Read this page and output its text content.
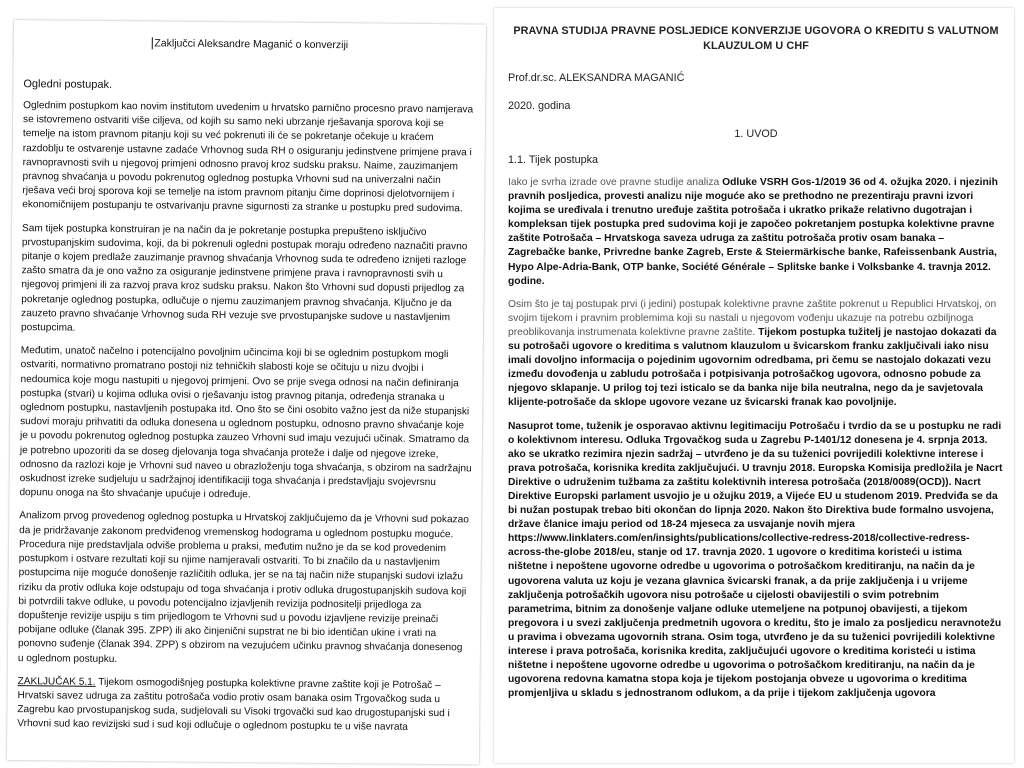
Zaključci Aleksandre Maganić o konverziji
Ogledni postupak.

Oglednim postupkom kao novim institutom uvedenim u hrvatsko parnično procesno pravo namjerava se istovremeno ostvariti više ciljeva, od kojih su samo neki ubrzanje rješavanja sporova koji se temelje na istom pravnom pitanju koji su već pokrenuti ili će se pokretanje očekuje u kraćem razdoblju te ostvarenje ustavne zadaće Vrhovnog suda RH o osiguranju jedinstvene primjene prava i ravnopravnosti svih u njegovoj primjeni odnosno pravoj kroz sudsku praksu. Naime, zauzimanjem pravnog shvaćanja u povodu pokrenutog oglednog postupka Vrhovni sud na univerzalni način rješava veći broj sporova koji se temelje na istom pravnom pitanju čime doprinosi djelotvornijem i ekonomičnijem postupanju te ostvarivanju pravne sigurnosti za stranke u postupku pred sudovima.

Sam tijek postupka konstruiran je na način da je pokretanje postupka prepušteno isključivo prvostupanjskim sudovima, koji, da bi pokrenuli ogledni postupak moraju određeno naznačiti pravno pitanje o kojem predlaže zauzimanje pravnog shvaćanja Vrhovnog suda te određeno iznijeti razloge zašto smatra da je ono važno za osiguranje jedinstvene primjene prava i ravnopravnosti svih u njegovoj primjeni ili za razvoj prava kroz sudsku praksu. Nakon što Vrhovni sud dopusti prijedlog za pokretanje oglednog postupka, odlučuje o njemu zauzimanjem pravnog shvaćanja. Ključno je da zauzeto pravno shvaćanje Vrhovnog suda RH vezuje sve prvostupanjske sudove u nastavljenim postupcima.

Međutim, unatoč načelno i potencijalno povoljnim učincima koji bi se oglednim postupkom mogli ostvariti, normativno promatrano postoji niz tehničkih slabosti koje se očituju u nizu dvojbi i nedoumica koje mogu nastupiti u njegovoj primjeni. Ovo se prije svega odnosi na način definiranja postupka (stvari) u kojima odluka ovisi o rješavanju istog pravnog pitanja, određenja stranaka u oglednom postupku, nastavljenih postupaka itd. Ono što se čini osobito važno jest da niže stupanjski sudovi moraju prihvatiti da odluka donesena u oglednom postupku, odnosno pravno shvaćanje koje je u povodu pokrenutog oglednog postupka zauzeo Vrhovni sud imaju vezujući učinak. Smatramo da je potrebno upozoriti da se doseg djelovanja toga shvaćanja proteže i dalje od njegove izreke, odnosno da razlozi koje je Vrhovni sud naveo u obrazloženju toga shvaćanja, s obzirom na sadržajnu oskudnost izreke sudjeluju u sadržajnoj identifikaciji toga shvaćanja i predstavljaju svojevrsnu dopunu onoga na što shvaćanje upućuje i određuje.

Analizom prvog provedenog oglednog postupka u Hrvatskoj zaključujemo da je Vrhovni sud pokazao da je pridržavanje zakonom predviđenog vremenskog hodograma u oglednom postupku moguće. Procedura nije predstavljala odviše problema u praksi, međutim nužno je da se kod provedenim postupkom i ostvare rezultati koji su njime namjeravali ostvariti. To bi značilo da u nastavljenim postupcima nije moguće donošenje različitih odluka, jer se na taj način niže stupanjski sudovi izlažu riziku da protiv odluka koje odstupaju od toga shvaćanja i protiv odluka drugostupanjskih sudova koji bi potvrdili takve odluke, u povodu potencijalno izjavljenih revizija podnositelji prijedloga za dopuštenje revizije uspiju s tim prijedlogom te Vrhovni sud u povodu izjavljene revizije preinači pobijane odluke (članak 395. ZPP) ili ako činjenični supstrat ne bi bio identičan ukine i vrati na ponovno suđenje (članak 394. ZPP) s obzirom na vezujućem učinku pravnog shvaćanja donesenog u oglednom postupku.

ZAKLJUČAK 5.1. Tijekom osmogodišnjeg postupka kolektivne pravne zaštite koji je Potrošač – Hrvatski savez udruga za zaštitu potrošača vodio protiv osam banaka osim Trgovačkog suda u Zagrebu kao prvostupanjskog suda, sudjelovali su Visoki trgovački sud kao drugostupanjski sud i Vrhovni sud kao revizijski sud i sud koji odlučuje o oglednom postupku te u više navrata

PRAVNA STUDIJA PRAVNE POSLJEDICE KONVERZIJE UGOVORA O KREDITU S VALUTNOM
KLAUZULOM U CHF
Prof.dr.sc. ALEKSANDRA MAGANIĆ
2020. godina
1. UVOD
1.1. Tijek postupka

Iako je svrha izrade ove pravne studije analiza Odluke VSRH Gos-1/2019 36 od 4. ožujka 2020. i njezinih pravnih posljedica, provesti analizu nije moguće ako se prethodno ne prezentiraju pravni izvori kojima se uređivala i trenutno uređuje zaštita potrošača i ukratko prikaže relativno dugotrajan i kompleksan tijek postupka pred sudovima koji je započeo pokretanjem postupka kolektivne pravne zaštite Potrošača – Hrvatskoga saveza udruga za zaštitu potrošača protiv osam banaka – Zagrebačke banke, Privredne banke Zagreb, Erste & Steiermärkische banke, Rafeissenbank Austria, Hypo Alpe-Adria-Bank, OTP banke, Société Générale – Splitske banke i Volksbanke 4. travnja 2012. godine.

Osim što je taj postupak prvi (i jedini) postupak kolektivne pravne zaštite pokrenut u Republici Hrvatskoj, on svojim tijekom i pravnim problemima koji su nastali u njegovom vođenju ukazuje na potrebu ozbiljnoga preoblikovanja instrumenata kolektivne pravne zaštite. Tijekom postupka tužitelj je nastojao dokazati da su potrošači ugovore o kreditima s valutnom klauzulom u švicarskom franku zaključivali iako nisu imali dovoljno informacija o pojedinim ugovornim odredbama, pri čemu se nastojalo dokazati vezu između dovođenja u zabludu potrošača i potpisivanja potrošačkog ugovora, odnosno pobude za njegovo sklapanje. U prilog toj tezi isticalo se da banka nije bila neutralna, nego da je savjetovala klijente-potrošače da sklope ugovore vezane uz švicarski franak kao povoljnije.

Nasuprot tome, tuženik je osporavao aktivnu legitimaciju Potrošaču i tvrdio da se u postupku ne radi o kolektivnom interesu. Odluka Trgovačkog suda u Zagrebu P-1401/12 donesena je 4. srpnja 2013. ako se ukratko rezimira njezin sadržaj – utvrđeno je da su tuženici povrijedili kolektivne interese i prava potrošača, korisnika kredita zaključujući. U travnju 2018. Europska Komisija predložila je Nacrt Direktive o udruženim tužbama za zaštitu kolektivnih interesa potrošača (2018/0089(OCD)). Nacrt Direktive Europski parlament usvojio je u ožujku 2019, a Vijeće EU u studenom 2019. Predviđa se da bi nužan postupak trebao biti okončan do lipnja 2020. Nakon što Direktiva bude formalno usvojena, države članice imaju period od 18-24 mjeseca za usvajanje novih mjera https://www.linklaters.com/en/insights/publications/collective-redress-2018/collective-redress-across-the-globe 2018/eu, stanje od 17. travnja 2020. 1 ugovore o kreditima koristeći u istima ništetne i nepoštene ugovorne odredbe u ugovorima o potrošačkom kreditiranju, na način da je ugovorena valuta uz koju je vezana glavnica švicarski franak, a da prije zaključenja i u vrijeme zaključenja potrošačkih ugovora nisu potrošače u cijelosti obavijestili o svim potrebnim parametrima, bitnim za donošenje valjane odluke utemeljene na potpunoj obavijesti, a tijekom pregovora i u svezi zaključenja predmetnih ugovora o kreditu, što je imalo za posljedicu neravnotežu u pravima i obvezama ugovornih strana. Osim toga, utvrđeno je da su tuženici povrijedili kolektivne interese i prava potrošača, korisnika kredita, zaključujući ugovore o kreditima koristeći u istima ništetne i nepoštene ugovorne odredbe u ugovorima o potrošačkom kreditiranju, na način da je ugovorena redovna kamatna stopa koja je tijekom postojanja obveze u ugovorima o kreditima promjenljiva u skladu s jednostranom odlukom, a da prije i tijekom zaključenja ugovora
